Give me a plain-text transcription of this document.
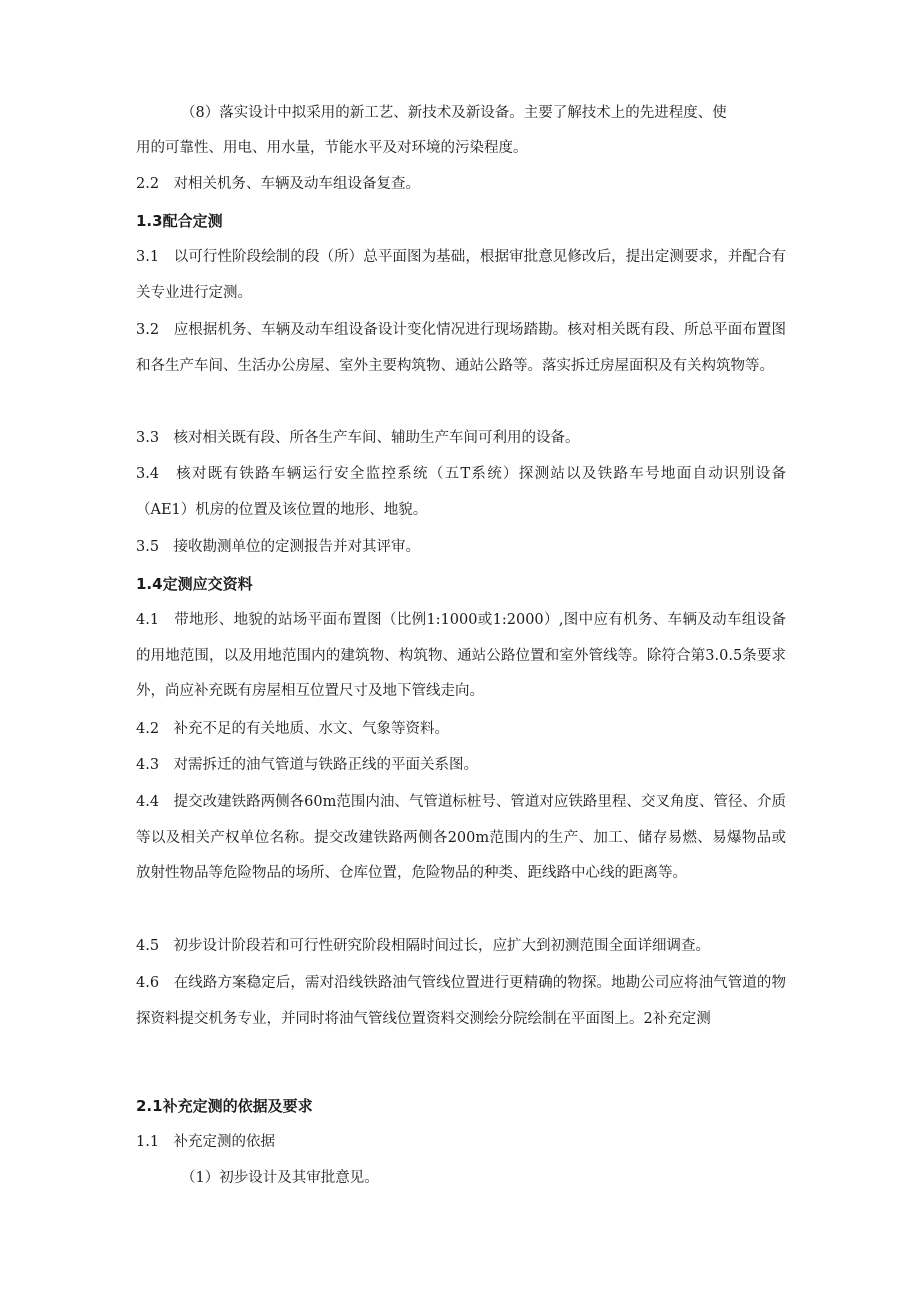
（8）落实设计中拟采用的新工艺、新技术及新设备。主要了解技术上的先进程度、使

用的可靠性、用电、用水量，节能水平及对环境的污染程度。

2.2　对相关机务、车辆及动车组设备复查。

1.3配合定测

3.1　以可行性阶段绘制的段（所）总平面图为基础，根据审批意见修改后，提出定测要求，并配合有关专业进行定测。

3.2　应根据机务、车辆及动车组设备设计变化情况进行现场踏勘。核对相关既有段、所总平面布置图和各生产车间、生活办公房屋、室外主要构筑物、通站公路等。落实拆迁房屋面积及有关构筑物等。

3.3　核对相关既有段、所各生产车间、辅助生产车间可利用的设备。

3.4　核对既有铁路车辆运行安全监控系统（五T系统）探测站以及铁路车号地面自动识别设备（AE1）机房的位置及该位置的地形、地貌。

3.5　接收勘测单位的定测报告并对其评审。

1.4定测应交资料

4.1　带地形、地貌的站场平面布置图（比例1:1000或1:2000）,图中应有机务、车辆及动车组设备的用地范围，以及用地范围内的建筑物、构筑物、通站公路位置和室外管线等。除符合第3.0.5条要求外，尚应补充既有房屋相互位置尺寸及地下管线走向。

4.2　补充不足的有关地质、水文、气象等资料。

4.3　对需拆迁的油气管道与铁路正线的平面关系图。

4.4　提交改建铁路两侧各60m范围内油、气管道标桩号、管道对应铁路里程、交叉角度、管径、介质等以及相关产权单位名称。提交改建铁路两侧各200m范围内的生产、加工、储存易燃、易爆物品或放射性物品等危险物品的场所、仓库位置，危险物品的种类、距线路中心线的距离等。

4.5　初步设计阶段若和可行性研究阶段相隔时间过长，应扩大到初测范围全面详细调查。

4.6　在线路方案稳定后，需对沿线铁路油气管线位置进行更精确的物探。地勘公司应将油气管道的物探资料提交机务专业，并同时将油气管线位置资料交测绘分院绘制在平面图上。2补充定测

2.1补充定测的依据及要求

1.1　补充定测的依据

（1）初步设计及其审批意见。
